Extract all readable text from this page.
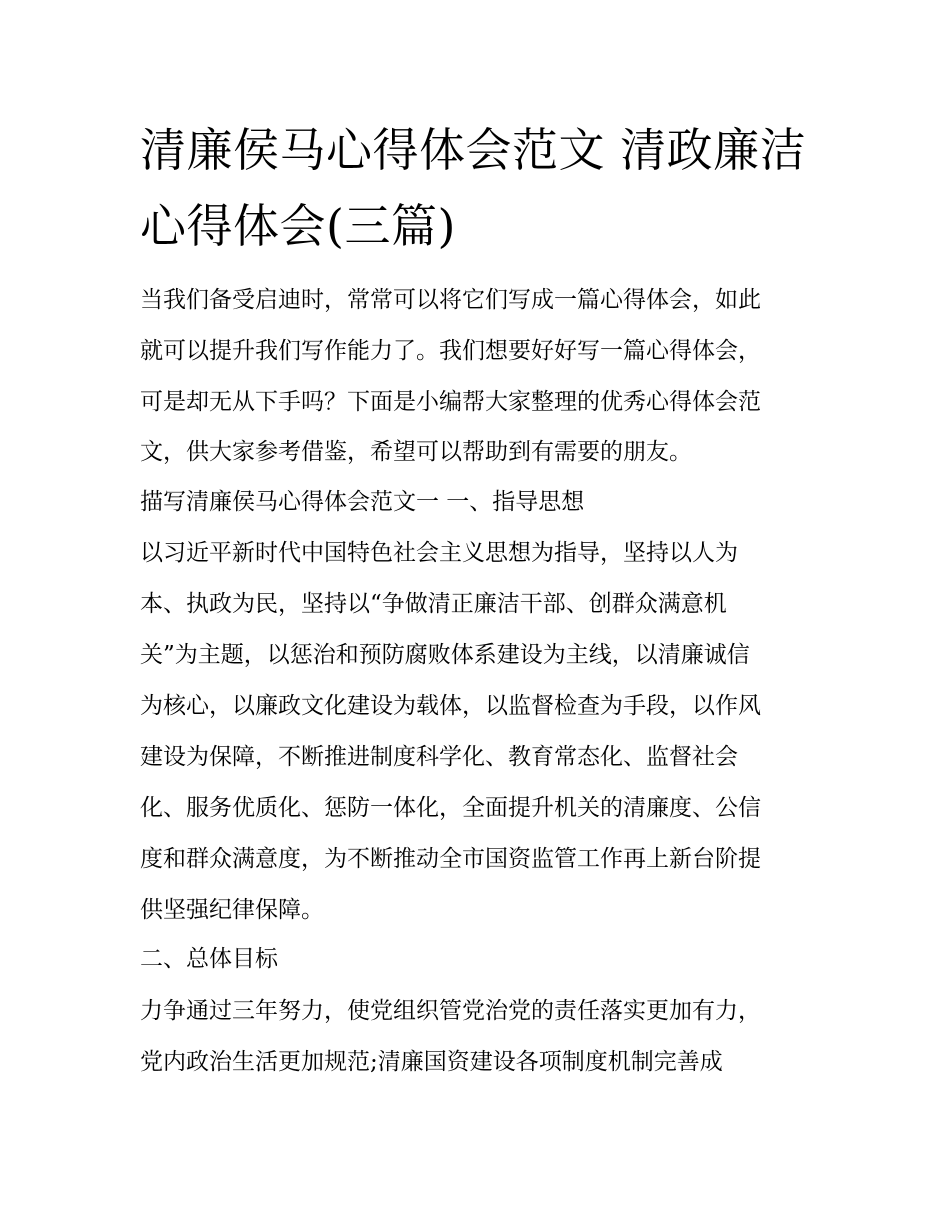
清廉侯马心得体会范文 清政廉洁心得体会(三篇)

当我们备受启迪时，常常可以将它们写成一篇心得体会，如此

就可以提升我们写作能力了。我们想要好好写一篇心得体会，

可是却无从下手吗？下面是小编帮大家整理的优秀心得体会范

文，供大家参考借鉴，希望可以帮助到有需要的朋友。

描写清廉侯马心得体会范文一 一、指导思想

以习近平新时代中国特色社会主义思想为指导，坚持以人为

本、执政为民，坚持以“争做清正廉洁干部、创群众满意机

关”为主题，以惩治和预防腐败体系建设为主线，以清廉诚信

为核心，以廉政文化建设为载体，以监督检查为手段，以作风

建设为保障，不断推进制度科学化、教育常态化、监督社会

化、服务优质化、惩防一体化，全面提升机关的清廉度、公信

度和群众满意度，为不断推动全市国资监管工作再上新台阶提

供坚强纪律保障。

二、总体目标

力争通过三年努力，使党组织管党治党的责任落实更加有力，

党内政治生活更加规范;清廉国资建设各项制度机制完善成
